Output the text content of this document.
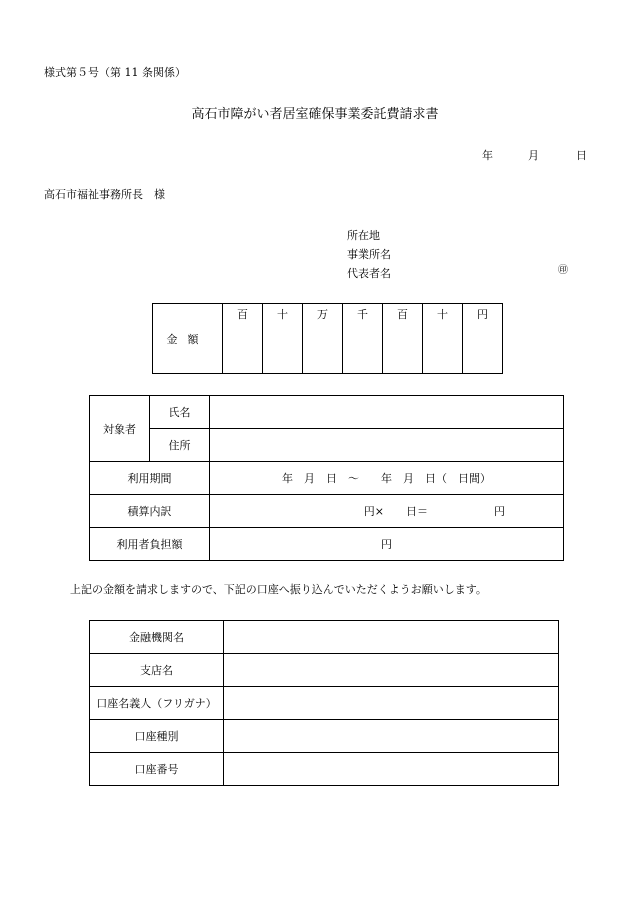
様式第５号（第 11 条関係）
高石市障がい者居室確保事業委託費請求書
年	月	日
高石市福祉事務所長　様
所在地
事業所名
代表者名	㊞
金額	百	十	万	千	百	十	円
対象者	氏名	
	住所	
利用期間		年　月　日　～　　年　月　日（　日間）
積算内訳		円×　　日＝　　　　　　円
利用者負担額		円
上記の金額を請求しますので、下記の口座へ振り込んでいただくようお願いします。
金融機関名	
支店名	
口座名義人（フリガナ）	
口座種別	
口座番号	
